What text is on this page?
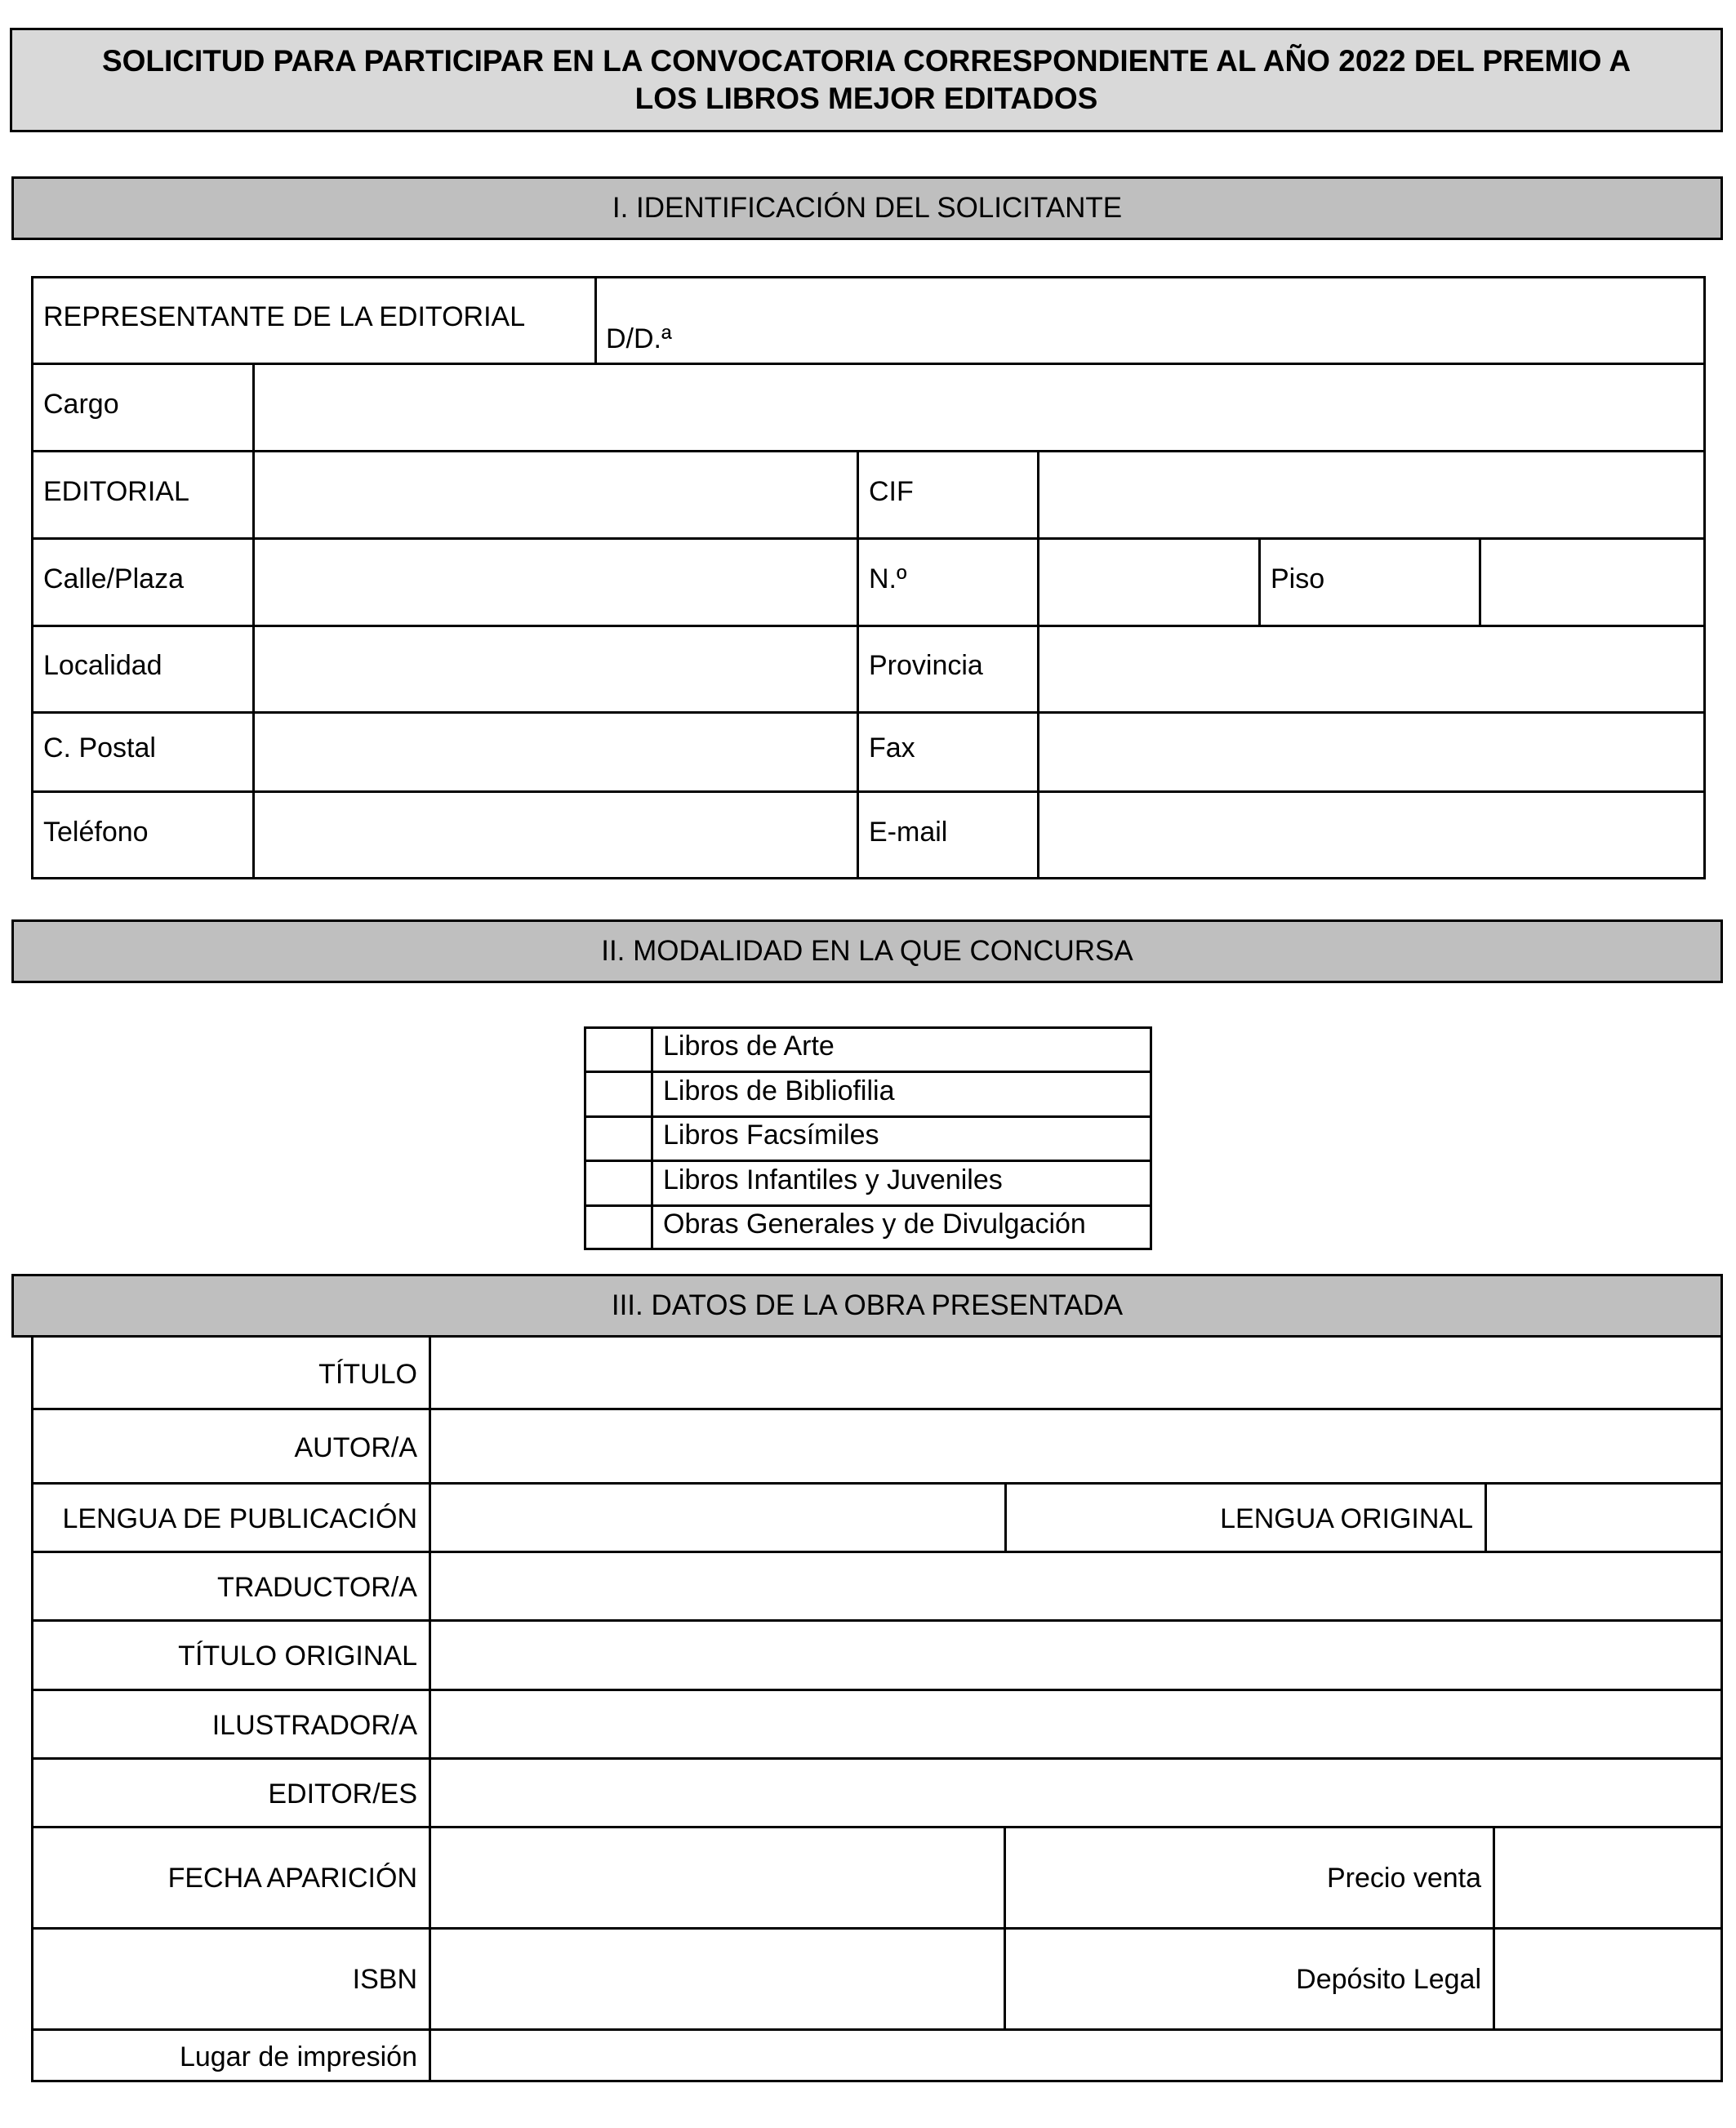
SOLICITUD PARA PARTICIPAR EN LA CONVOCATORIA CORRESPONDIENTE AL AÑO 2022 DEL PREMIO A
LOS LIBROS MEJOR EDITADOS
I. IDENTIFICACIÓN DEL SOLICITANTE
REPRESENTANTE DE LA EDITORIAL
D/D.ª
Cargo
EDITORIAL	CIF
Calle/Plaza	N.º	Piso
Localidad	Provincia
C. Postal	Fax
Teléfono	E-mail
II. MODALIDAD EN LA QUE CONCURSA
Libros de Arte
Libros de Bibliofilia
Libros Facsímiles
Libros Infantiles y Juveniles
Obras Generales y de Divulgación
III. DATOS DE LA OBRA PRESENTADA
TÍTULO
AUTOR/A
LENGUA DE PUBLICACIÓN	LENGUA ORIGINAL
TRADUCTOR/A
TÍTULO ORIGINAL
ILUSTRADOR/A
EDITOR/ES
FECHA APARICIÓN	Precio venta
ISBN	Depósito Legal
Lugar de impresión
